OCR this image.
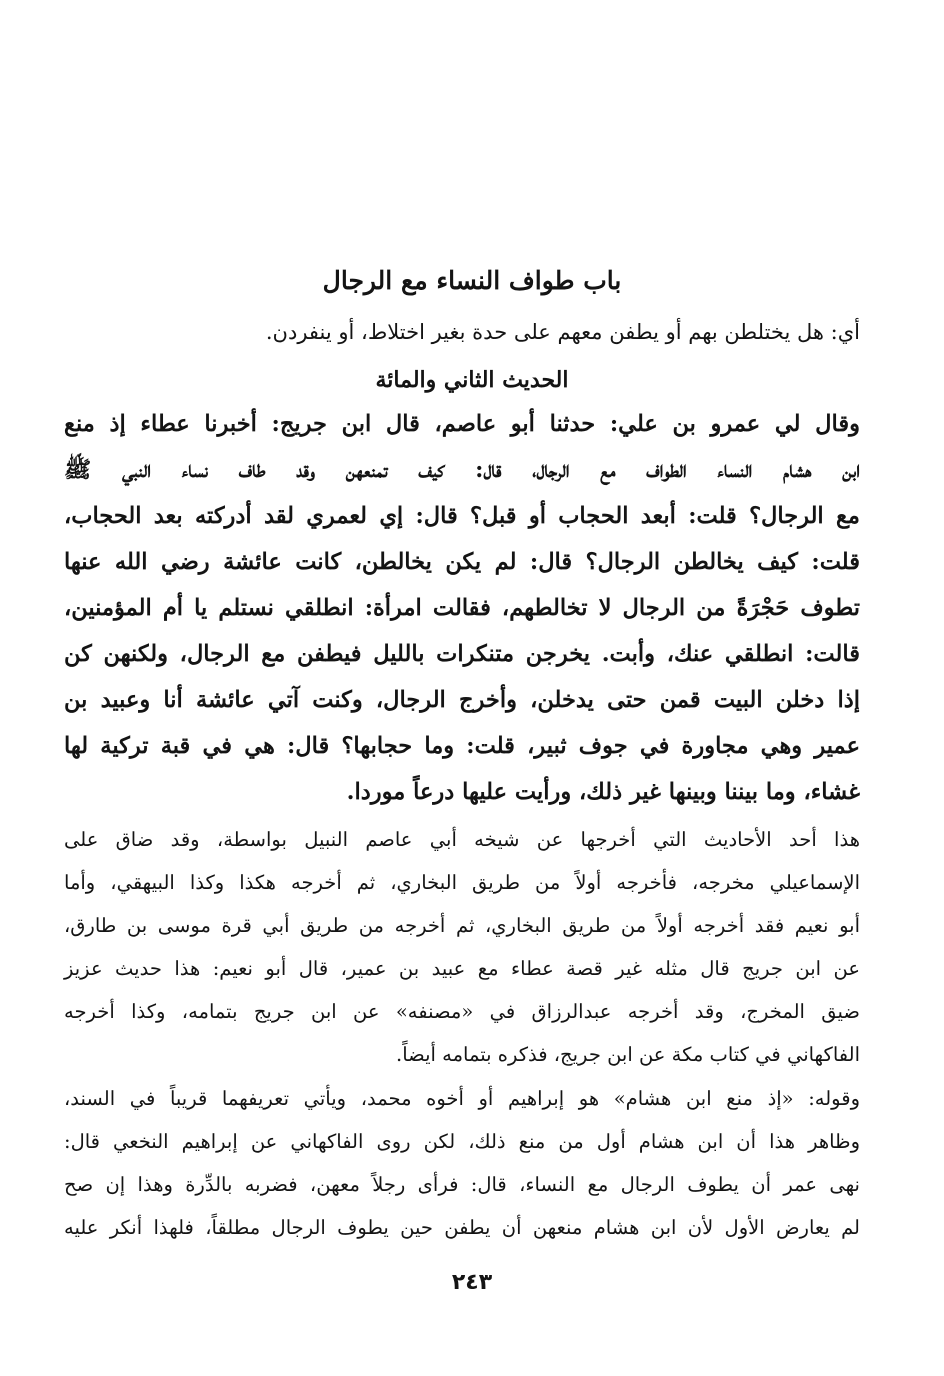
باب طواف النساء مع الرجال
أي: هل يختلطن بهم أو يطفن معهم على حدة بغير اختلاط، أو ينفردن.
الحديث الثاني والمائة
وقال لي عمرو بن علي: حدثنا أبو عاصم، قال ابن جريج: أخبرنا عطاء إذ منع
ابن هشام النساء الطواف مع الرجال، قال: كيف تمنعهن وقد طاف نساء النبي ﷺ
مع الرجال؟ قلت: أبعد الحجاب أو قبل؟ قال: إي لعمري لقد أدركته بعد الحجاب،
قلت: كيف يخالطن الرجال؟ قال: لم يكن يخالطن، كانت عائشة رضي الله عنها
تطوف حَجْرَةً من الرجال لا تخالطهم، فقالت امرأة: انطلقي نستلم يا أم المؤمنين،
قالت: انطلقي عنك، وأبت. يخرجن متنكرات بالليل فيطفن مع الرجال، ولكنهن كن
إذا دخلن البيت قمن حتى يدخلن، وأخرج الرجال، وكنت آتي عائشة أنا وعبيد بن
عمير وهي مجاورة في جوف ثبير، قلت: وما حجابها؟ قال: هي في قبة تركية لها
غشاء، وما بيننا وبينها غير ذلك، ورأيت عليها درعاً موردا.
هذا أحد الأحاديث التي أخرجها عن شيخه أبي عاصم النبيل بواسطة، وقد ضاق على
الإسماعيلي مخرجه، فأخرجه أولاً من طريق البخاري، ثم أخرجه هكذا وكذا البيهقي، وأما
أبو نعيم فقد أخرجه أولاً من طريق البخاري، ثم أخرجه من طريق أبي قرة موسى بن طارق،
عن ابن جريج قال مثله غير قصة عطاء مع عبيد بن عمير، قال أبو نعيم: هذا حديث عزيز
ضيق المخرج، وقد أخرجه عبدالرزاق في «مصنفه» عن ابن جريج بتمامه، وكذا أخرجه
الفاكهاني في كتاب مكة عن ابن جريج، فذكره بتمامه أيضاً.
وقوله: «إذ منع ابن هشام» هو إبراهيم أو أخوه محمد، ويأتي تعريفهما قريباً في السند،
وظاهر هذا أن ابن هشام أول من منع ذلك، لكن روى الفاكهاني عن إبراهيم النخعي قال:
نهى عمر أن يطوف الرجال مع النساء، قال: فرأى رجلاً معهن، فضربه بالدِّرة وهذا إن صح
لم يعارض الأول لأن ابن هشام منعهن أن يطفن حين يطوف الرجال مطلقاً، فلهذا أنكر عليه
٢٤٣
